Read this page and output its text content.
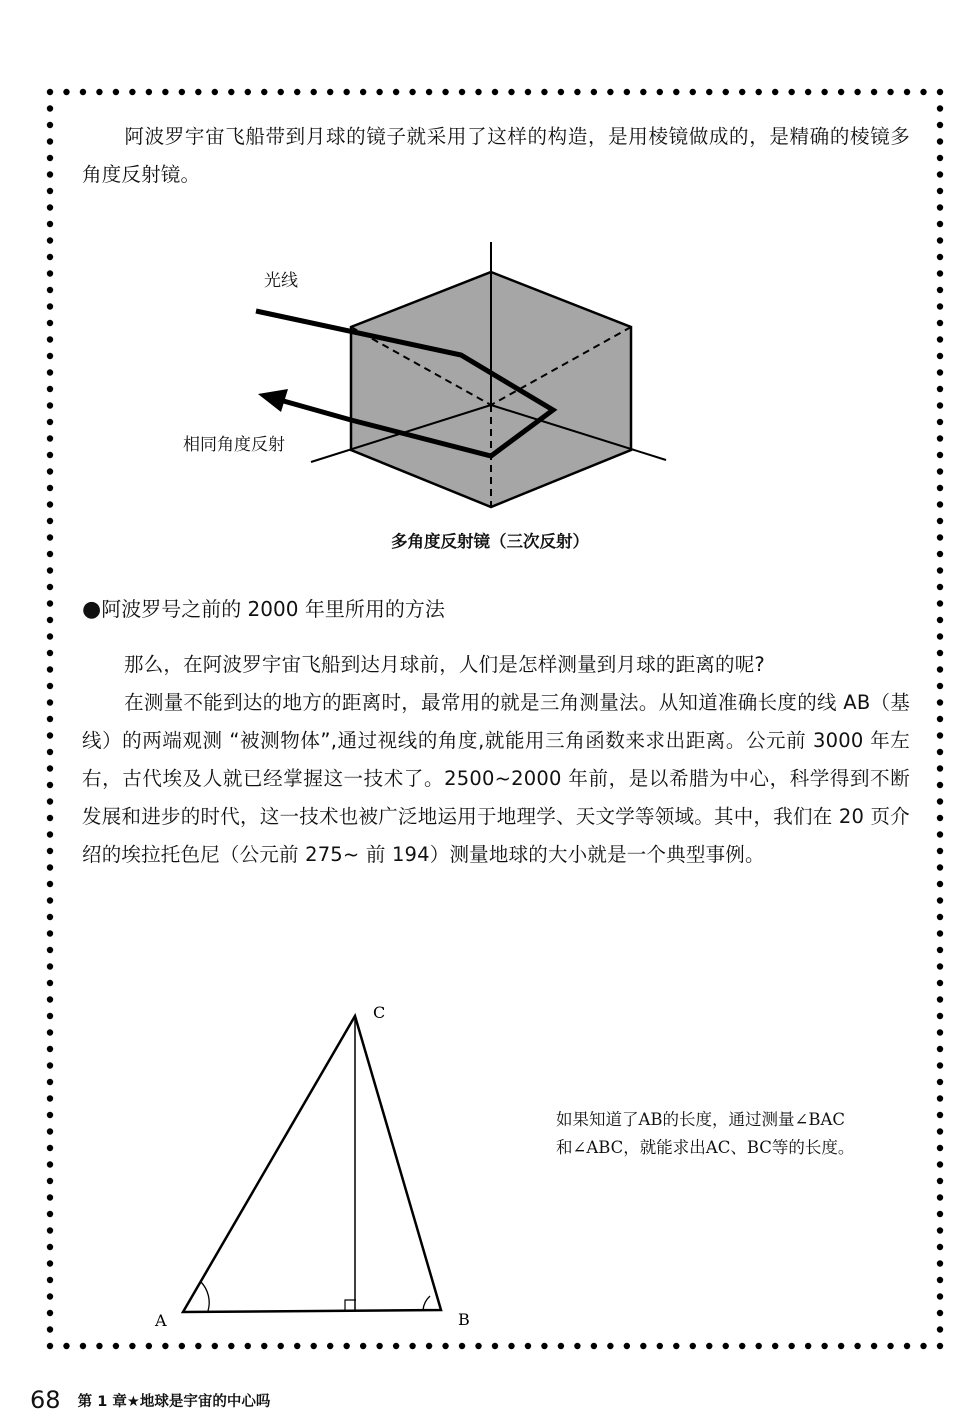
阿波罗宇宙飞船带到月球的镜子就采用了这样的构造，是用棱镜做成的，是精确的棱镜多角度反射镜。

光线
相同角度反射
多角度反射镜（三次反射）
●阿波罗号之前的 2000 年里所用的方法

那么，在阿波罗宇宙飞船到达月球前，人们是怎样测量到月球的距离的呢?

在测量不能到达的地方的距离时，最常用的就是三角测量法。从知道准确长度的线 AB（基线）的两端观测 “被测物体”,通过视线的角度,就能用三角函数来求出距离。公元前 3000 年左右，古代埃及人就已经掌握这一技术了。2500~2000 年前，是以希腊为中心，科学得到不断发展和进步的时代，这一技术也被广泛地运用于地理学、天文学等领域。其中，我们在 20 页介绍的埃拉托色尼（公元前 275~ 前 194）测量地球的大小就是一个典型事例。

A	B
C
如果知道了AB的长度，通过测量∠BAC和∠ABC，就能求出AC、BC等的长度。
68 第 1 章★地球是宇宙的中心吗
